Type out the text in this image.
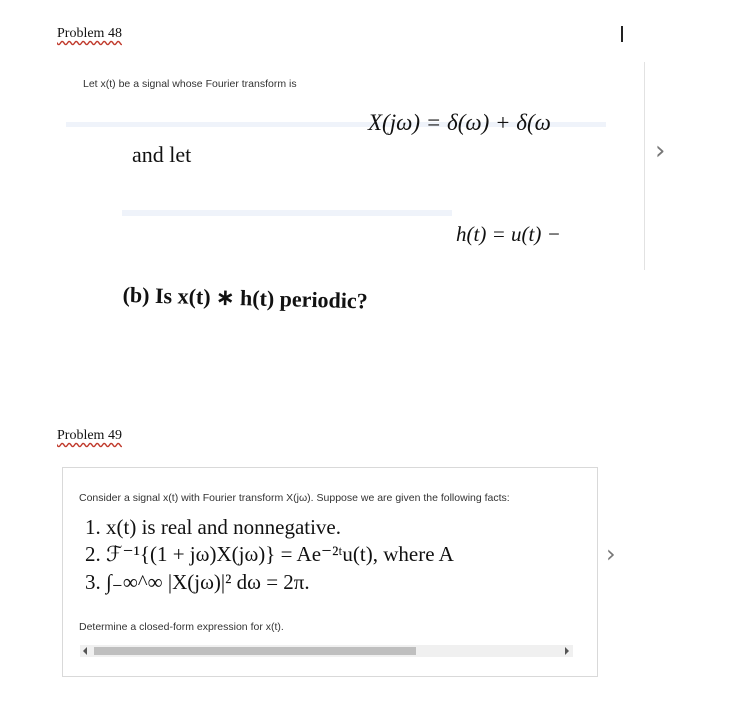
Problem 48
Let x(t) be a signal whose Fourier transform is
X(jω) = δ(ω) + δ(ω
and let
h(t) = u(t) −
›
(b) Is x(t) ∗ h(t) periodic?
Problem 49
Consider a signal x(t) with Fourier transform X(jω). Suppose we are given the following facts:
1. x(t) is real and nonnegative.
2. ℱ⁻¹{(1 + jω)X(jω)} = Ae⁻²ᵗu(t), where A
3. ∫₋∞^∞ |X(jω)|² dω = 2π.
Determine a closed-form expression for x(t).
›
